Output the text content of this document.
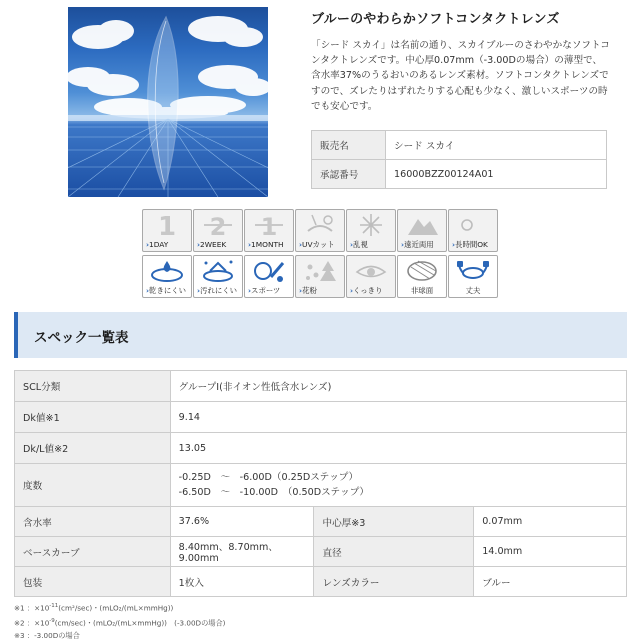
ブルーのやわらかソフトコンタクトレンズ
「シード スカイ」は名前の通り、スカイブルーのさわやかなソフトコンタクトレンズです。中心厚0.07mm（-3.00Dの場合）の薄型で、含水率37%のうるおいのあるレンズ素材。ソフトコンタクトレンズですので、ズレたりはずれたりする心配も少なく、激しいスポーツの時でも安心です。
販売名	シード スカイ
承認番号	16000BZZ00124A01
1
›1DAY
2
›2WEEK
1
›1MONTH	›UVカット	›乱視	›遠近両用	›長時間OK
›乾きにくい	›汚れにくい	›スポーツ	›花粉	›くっきり	非球面	丈夫
スペック一覧表
SCL分類	グループⅠ(非イオン性低含水レンズ)		
Dk値※1	9.14		
Dk/L値※2	13.05		
度数	-0.25D　～　-6.00D（0.25Dステップ）
-6.50D　～　-10.00D　（0.50Dステップ）		

含水率	37.6%	中心厚※3	0.07mm
ベースカーブ	8.40mm、8.70mm、9.00mm	直径	14.0mm
包装	1枚入	レンズカラー	ブルー
※1 ：$\times 10^{-11}(cm^2/\sec)$・(mLO₂/(mL×mmHg))
※2 ：$\times 10^{-9}(cm/\sec)$・(mLO₂/(mL×mmHg))　(-3.00Dの場合)
※3 ：-3.00Dの場合
